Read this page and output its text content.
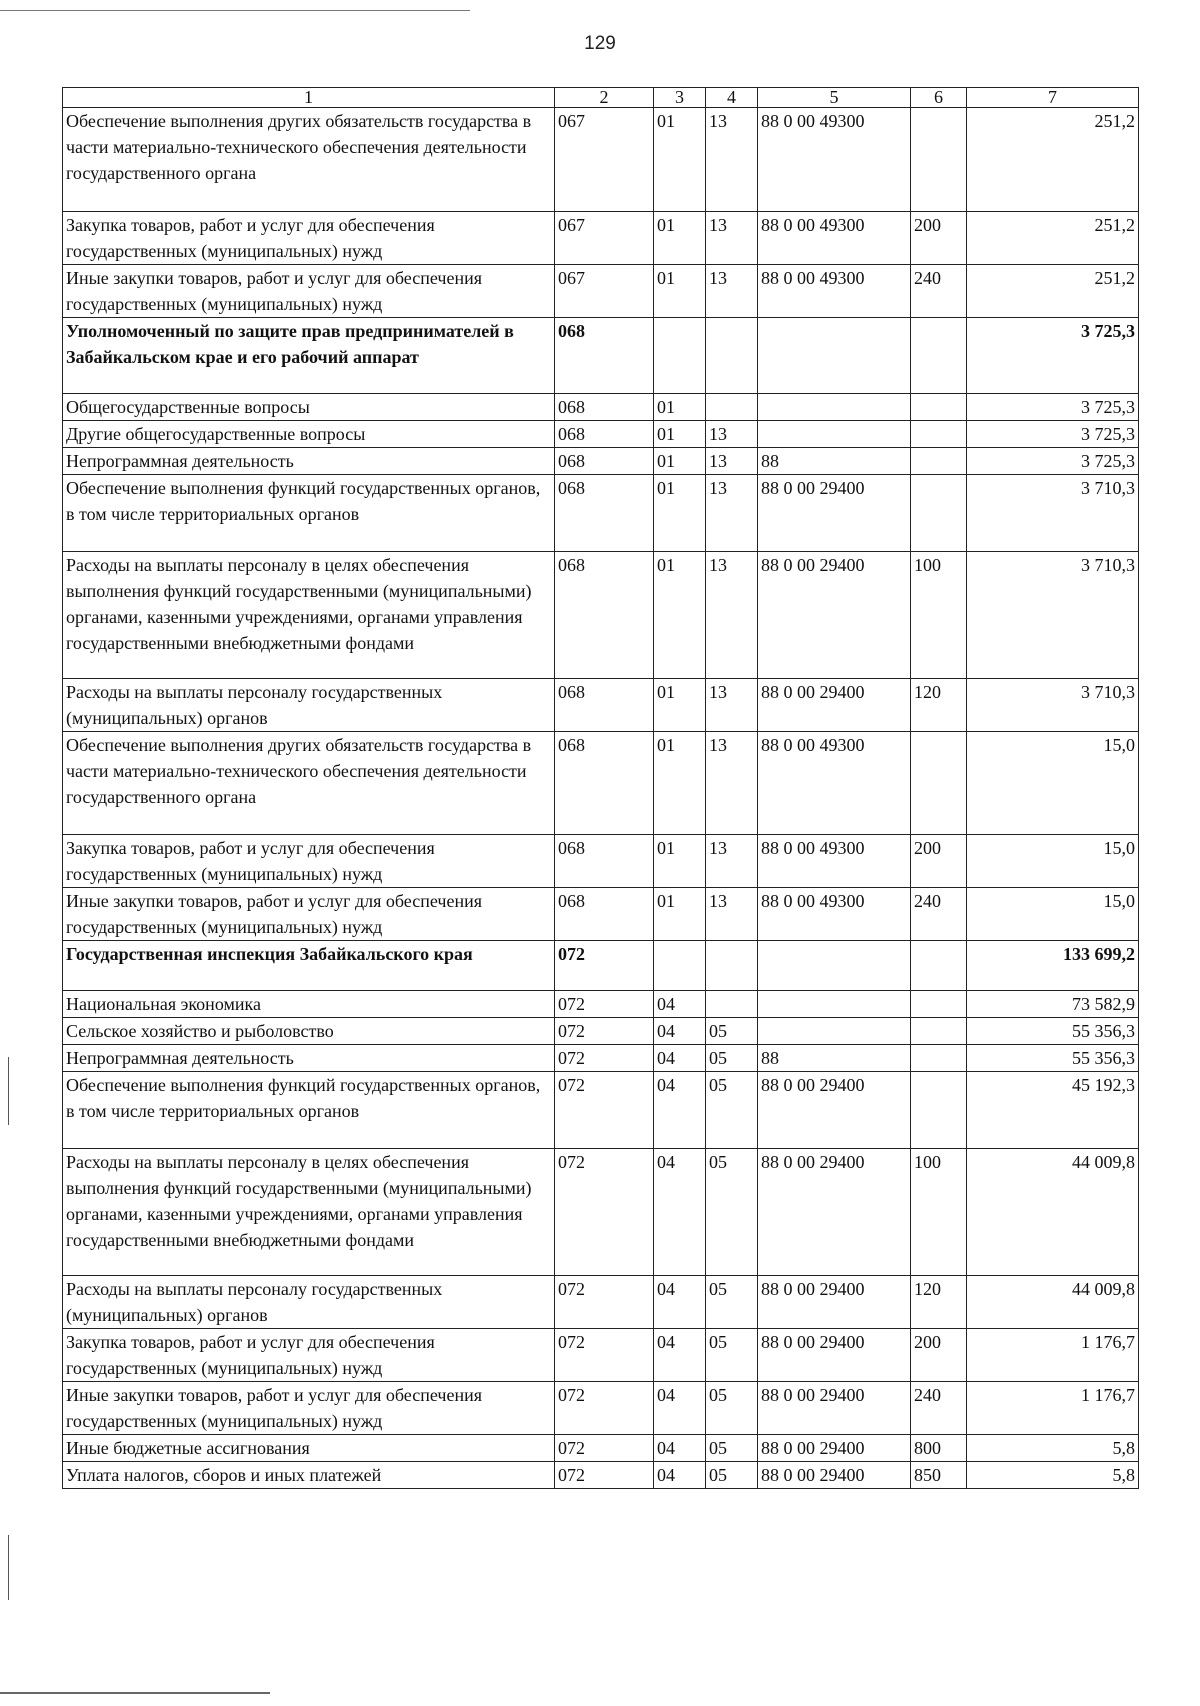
129
1	2	3	4	5	6	7
Обеспечение выполнения других обязательств государства в части материально-технического обеспечения деятельности государственного органа	067	01	13	88 0 00 49300		251,2
Закупка товаров, работ и услуг для обеспечения государственных (муниципальных) нужд	067	01	13	88 0 00 49300	200	251,2
Иные закупки товаров, работ и услуг для обеспечения государственных (муниципальных) нужд	067	01	13	88 0 00 49300	240	251,2
Уполномоченный по защите прав предпринимателей в Забайкальском крае и его рабочий аппарат	068					3 725,3
Общегосударственные вопросы	068	01				3 725,3
Другие общегосударственные вопросы	068	01	13			3 725,3
Непрограммная деятельность	068	01	13	88		3 725,3
Обеспечение выполнения функций государственных органов, в том числе территориальных органов	068	01	13	88 0 00 29400		3 710,3
Расходы на выплаты персоналу в целях обеспечения выполнения функций государственными (муниципальными) органами, казенными учреждениями, органами управления государственными внебюджетными фондами	068	01	13	88 0 00 29400	100	3 710,3
Расходы на выплаты персоналу государственных (муниципальных) органов	068	01	13	88 0 00 29400	120	3 710,3
Обеспечение выполнения других обязательств государства в части материально-технического обеспечения деятельности государственного органа	068	01	13	88 0 00 49300		15,0
Закупка товаров, работ и услуг для обеспечения государственных (муниципальных) нужд	068	01	13	88 0 00 49300	200	15,0
Иные закупки товаров, работ и услуг для обеспечения государственных (муниципальных) нужд	068	01	13	88 0 00 49300	240	15,0
Государственная инспекция Забайкальского края	072					133 699,2
Национальная экономика	072	04				73 582,9
Сельское хозяйство и рыболовство	072	04	05			55 356,3
Непрограммная деятельность	072	04	05	88		55 356,3
Обеспечение выполнения функций государственных органов, в том числе территориальных органов	072	04	05	88 0 00 29400		45 192,3
Расходы на выплаты персоналу в целях обеспечения выполнения функций государственными (муниципальными) органами, казенными учреждениями, органами управления государственными внебюджетными фондами	072	04	05	88 0 00 29400	100	44 009,8
Расходы на выплаты персоналу государственных (муниципальных) органов	072	04	05	88 0 00 29400	120	44 009,8
Закупка товаров, работ и услуг для обеспечения государственных (муниципальных) нужд	072	04	05	88 0 00 29400	200	1 176,7
Иные закупки товаров, работ и услуг для обеспечения государственных (муниципальных) нужд	072	04	05	88 0 00 29400	240	1 176,7
Иные бюджетные ассигнования	072	04	05	88 0 00 29400	800	5,8
Уплата налогов, сборов и иных платежей	072	04	05	88 0 00 29400	850	5,8
